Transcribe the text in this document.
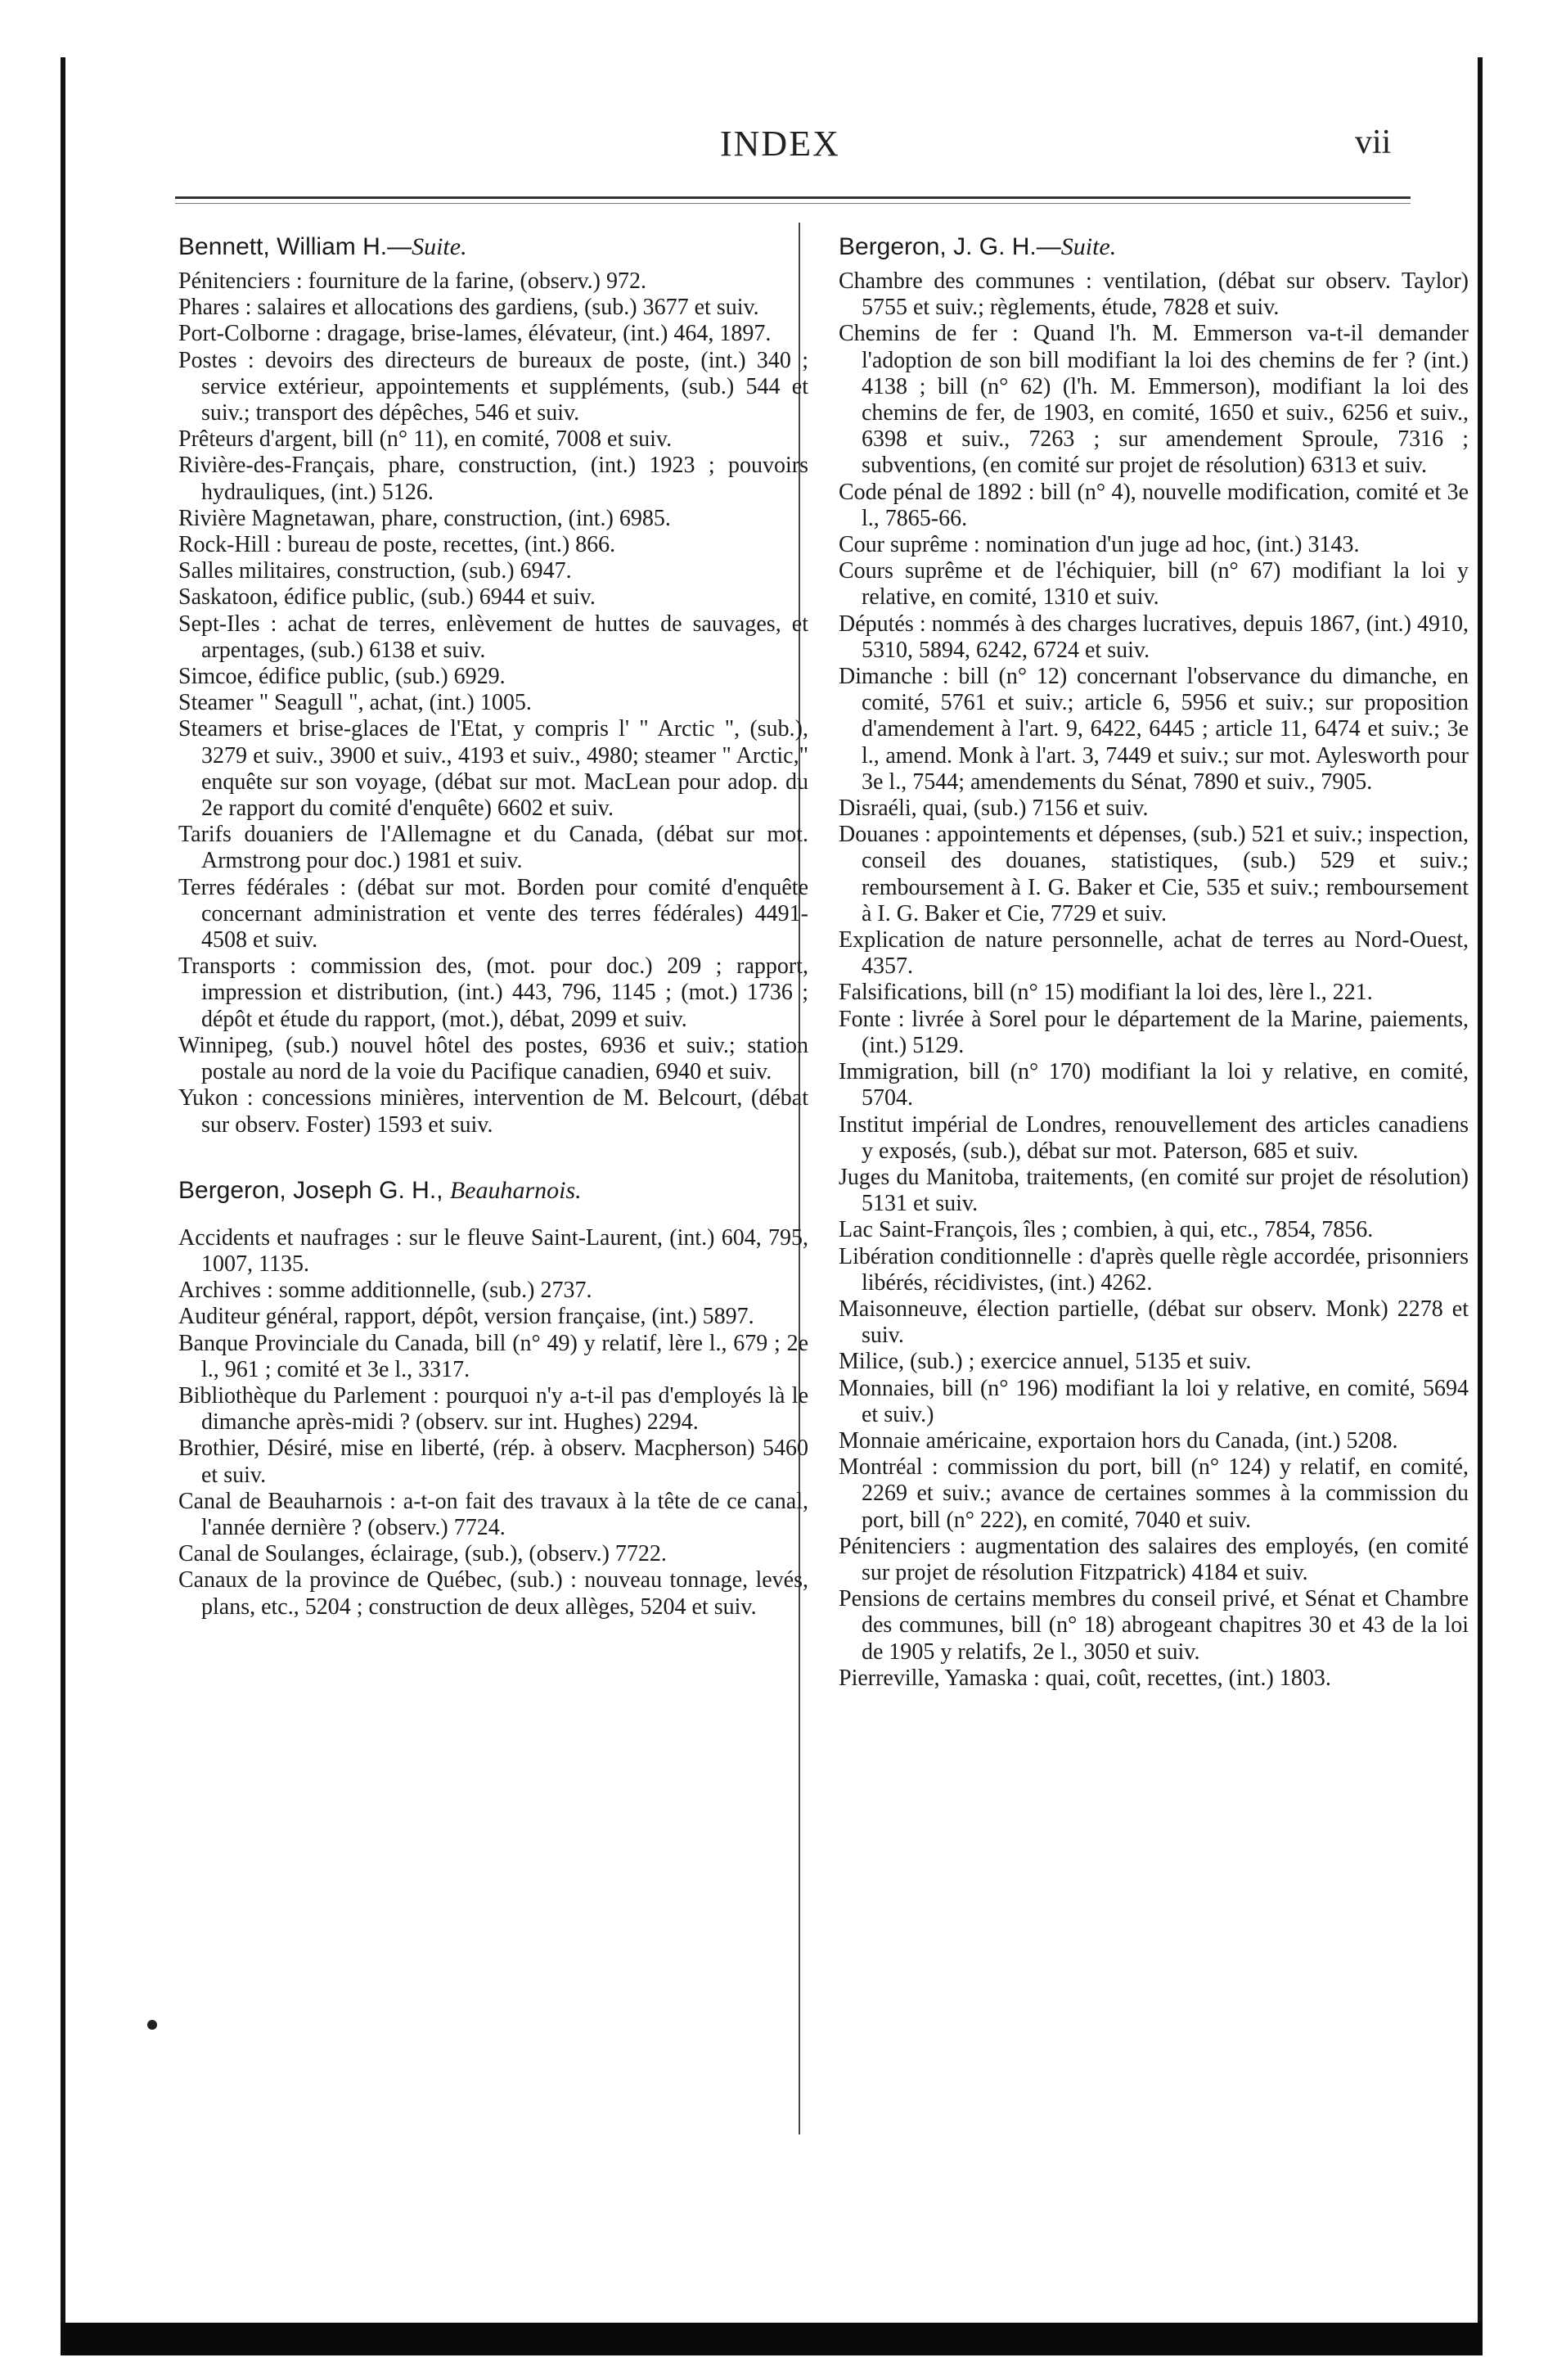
INDEX	vii
Bennett, William H.—Suite.

Pénitenciers : fourniture de la farine, (observ.) 972.

Phares : salaires et allocations des gardiens, (sub.) 3677 et suiv.

Port-Colborne : dragage, brise-lames, élévateur, (int.) 464, 1897.

Postes : devoirs des directeurs de bureaux de poste, (int.) 340 ; service extérieur, appointements et suppléments, (sub.) 544 et suiv.; transport des dépêches, 546 et suiv.

Prêteurs d'argent, bill (n° 11), en comité, 7008 et suiv.

Rivière-des-Français, phare, construction, (int.) 1923 ; pouvoirs hydrauliques, (int.) 5126.

Rivière Magnetawan, phare, construction, (int.) 6985.

Rock-Hill : bureau de poste, recettes, (int.) 866.

Salles militaires, construction, (sub.) 6947.

Saskatoon, édifice public, (sub.) 6944 et suiv.

Sept-Iles : achat de terres, enlèvement de huttes de sauvages, et arpentages, (sub.) 6138 et suiv.

Simcoe, édifice public, (sub.) 6929.

Steamer " Seagull ", achat, (int.) 1005.

Steamers et brise-glaces de l'Etat, y compris l' " Arctic ", (sub.), 3279 et suiv., 3900 et suiv., 4193 et suiv., 4980; steamer " Arctic," enquête sur son voyage, (débat sur mot. MacLean pour adop. du 2e rapport du comité d'enquête) 6602 et suiv.

Tarifs douaniers de l'Allemagne et du Canada, (débat sur mot. Armstrong pour doc.) 1981 et suiv.

Terres fédérales : (débat sur mot. Borden pour comité d'enquête concernant administration et vente des terres fédérales) 4491-4508 et suiv.

Transports : commission des, (mot. pour doc.) 209 ; rapport, impression et distribution, (int.) 443, 796, 1145 ; (mot.) 1736 ; dépôt et étude du rapport, (mot.), débat, 2099 et suiv.

Winnipeg, (sub.) nouvel hôtel des postes, 6936 et suiv.; station postale au nord de la voie du Pacifique canadien, 6940 et suiv.

Yukon : concessions minières, intervention de M. Belcourt, (débat sur observ. Foster) 1593 et suiv.

Bergeron, Joseph G. H., Beauharnois.

Accidents et naufrages : sur le fleuve Saint-Laurent, (int.) 604, 795, 1007, 1135.

Archives : somme additionnelle, (sub.) 2737.

Auditeur général, rapport, dépôt, version française, (int.) 5897.

Banque Provinciale du Canada, bill (n° 49) y relatif, lère l., 679 ; 2e l., 961 ; comité et 3e l., 3317.

Bibliothèque du Parlement : pourquoi n'y a-t-il pas d'employés là le dimanche après-midi ? (observ. sur int. Hughes) 2294.

Brothier, Désiré, mise en liberté, (rép. à observ. Macpherson) 5460 et suiv.

Canal de Beauharnois : a-t-on fait des travaux à la tête de ce canal, l'année dernière ? (observ.) 7724.

Canal de Soulanges, éclairage, (sub.), (observ.) 7722.

Canaux de la province de Québec, (sub.) : nouveau tonnage, levés, plans, etc., 5204 ; construction de deux allèges, 5204 et suiv.

Bergeron, J. G. H.—Suite.

Chambre des communes : ventilation, (débat sur observ. Taylor) 5755 et suiv.; règlements, étude, 7828 et suiv.

Chemins de fer : Quand l'h. M. Emmerson va-t-il demander l'adoption de son bill modifiant la loi des chemins de fer ? (int.) 4138 ; bill (n° 62) (l'h. M. Emmerson), modifiant la loi des chemins de fer, de 1903, en comité, 1650 et suiv., 6256 et suiv., 6398 et suiv., 7263 ; sur amendement Sproule, 7316 ; subventions, (en comité sur projet de résolution) 6313 et suiv.

Code pénal de 1892 : bill (n° 4), nouvelle modification, comité et 3e l., 7865-66.

Cour suprême : nomination d'un juge ad hoc, (int.) 3143.

Cours suprême et de l'échiquier, bill (n° 67) modifiant la loi y relative, en comité, 1310 et suiv.

Députés : nommés à des charges lucratives, depuis 1867, (int.) 4910, 5310, 5894, 6242, 6724 et suiv.

Dimanche : bill (n° 12) concernant l'observance du dimanche, en comité, 5761 et suiv.; article 6, 5956 et suiv.; sur proposition d'amendement à l'art. 9, 6422, 6445 ; article 11, 6474 et suiv.; 3e l., amend. Monk à l'art. 3, 7449 et suiv.; sur mot. Aylesworth pour 3e l., 7544; amendements du Sénat, 7890 et suiv., 7905.

Disraéli, quai, (sub.) 7156 et suiv.

Douanes : appointements et dépenses, (sub.) 521 et suiv.; inspection, conseil des douanes, statistiques, (sub.) 529 et suiv.; remboursement à I. G. Baker et Cie, 535 et suiv.; remboursement à I. G. Baker et Cie, 7729 et suiv.

Explication de nature personnelle, achat de terres au Nord-Ouest, 4357.

Falsifications, bill (n° 15) modifiant la loi des, lère l., 221.

Fonte : livrée à Sorel pour le département de la Marine, paiements, (int.) 5129.

Immigration, bill (n° 170) modifiant la loi y relative, en comité, 5704.

Institut impérial de Londres, renouvellement des articles canadiens y exposés, (sub.), débat sur mot. Paterson, 685 et suiv.

Juges du Manitoba, traitements, (en comité sur projet de résolution) 5131 et suiv.

Lac Saint-François, îles ; combien, à qui, etc., 7854, 7856.

Libération conditionnelle : d'après quelle règle accordée, prisonniers libérés, récidivistes, (int.) 4262.

Maisonneuve, élection partielle, (débat sur observ. Monk) 2278 et suiv.

Milice, (sub.) ; exercice annuel, 5135 et suiv.

Monnaies, bill (n° 196) modifiant la loi y relative, en comité, 5694 et suiv.)

Monnaie américaine, exportaion hors du Canada, (int.) 5208.

Montréal : commission du port, bill (n° 124) y relatif, en comité, 2269 et suiv.; avance de certaines sommes à la commission du port, bill (n° 222), en comité, 7040 et suiv.

Pénitenciers : augmentation des salaires des employés, (en comité sur projet de résolution Fitzpatrick) 4184 et suiv.

Pensions de certains membres du conseil privé, et Sénat et Chambre des communes, bill (n° 18) abrogeant chapitres 30 et 43 de la loi de 1905 y relatifs, 2e l., 3050 et suiv.

Pierreville, Yamaska : quai, coût, recettes, (int.) 1803.
